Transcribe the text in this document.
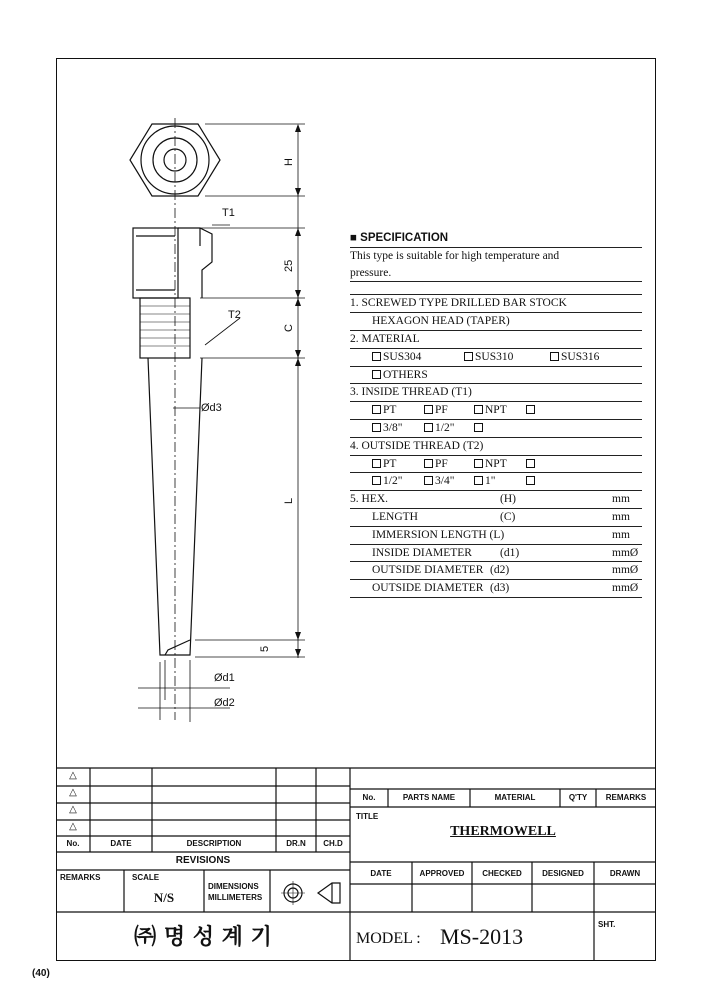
H
25
C
L
5
T1
T2
Ød3
Ød1
Ød2
■ SPECIFICATION
This type is suitable for high temperature and
pressure.
1. SCREWED TYPE DRILLED BAR STOCK
HEXAGON HEAD (TAPER)
2. MATERIAL
SUS304	SUS310	SUS316
OTHERS
3. INSIDE THREAD (T1)
PT	PF	NPT
3/8"	1/2"
4. OUTSIDE THREAD (T2)
PT	PF	NPT
1/2"	3/4"	1"
5. HEX.	(H)	mm
LENGTH	(C)	mm
IMMERSION LENGTH (L)	mm
INSIDE DIAMETER (d1)	mmØ
OUTSIDE DIAMETER (d2)	mmØ
OUTSIDE DIAMETER (d3)	mmØ
△
△
△
△
No.	DATE	DESCRIPTION	DR.N	CH.D
REVISIONS
REMARKS	SCALE
N/S
DIMENSIONS
MILLIMETERS
No.	PARTS NAME	MATERIAL	Q'TY	REMARKS
TITLE
THERMOWELL
DATE	APPROVED	CHECKED	DESIGNED	DRAWN
㈜ 명 성 계 기	MODEL : MS-2013	SHT.
(40)
